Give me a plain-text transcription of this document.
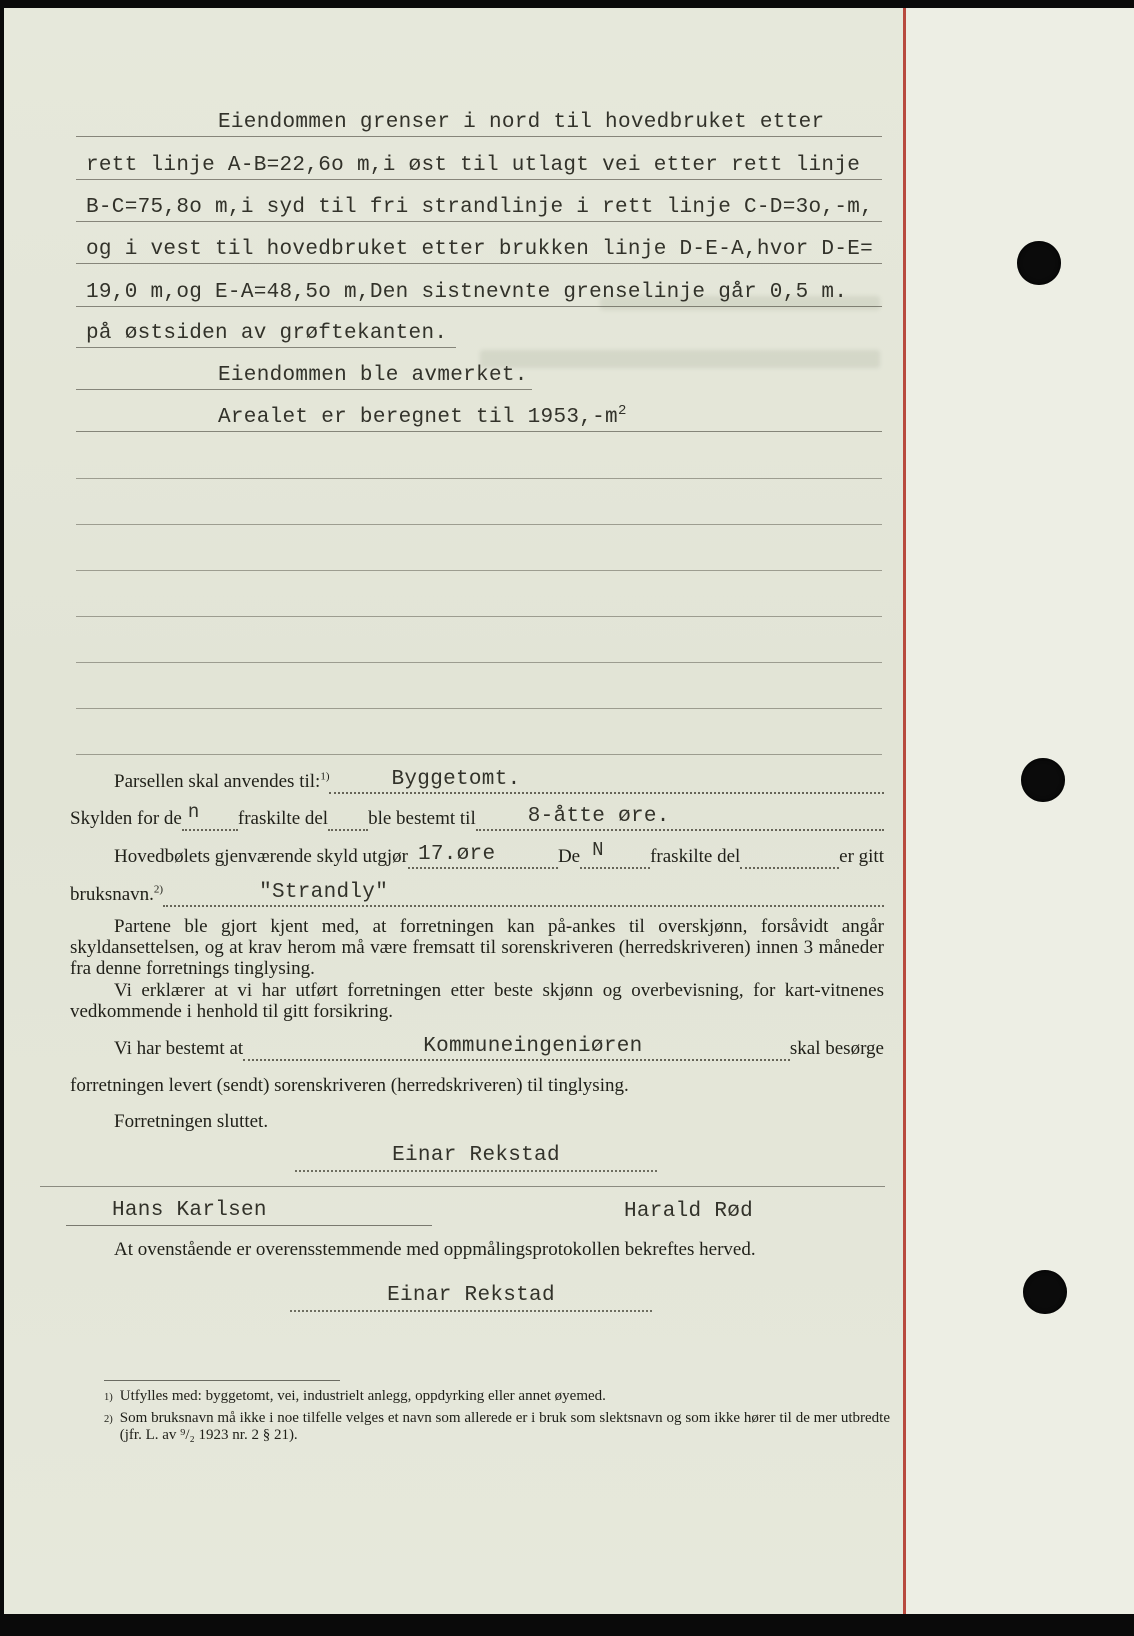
Eiendommen grenser i nord til hovedbruket etter
rett linje A-B=22,6o m,i øst til utlagt vei etter rett linje
B-C=75,8o m,i syd til fri strandlinje i rett linje C-D=3o,-m,
og i vest til hovedbruket etter brukken linje D-E-A,hvor D-E=
19,0 m,og E-A=48,5o m,Den sistnevnte grenselinje går 0,5 m.
på østsiden av grøftekanten.
Eiendommen ble avmerket.
Arealet er beregnet til $1953,-m^2$
Parsellen skal anvendes til:$^{1)}$	Byggetomt.
Skylden for de n fraskilte del ble bestemt til 8-åtte øre.
Hovedbølets gjenværende skyld utgjør 17.øre	De N fraskilte del	er gitt
bruksnavn.$^{2)}$	"Strandly"
Partene ble gjort kjent med, at forretningen kan på-ankes til overskjønn, forsåvidt angår skyldansettelsen, og at krav herom må være fremsatt til sorenskriveren (herredskriveren) innen 3 måneder fra denne forretnings tinglysing.
Vi erklærer at vi har utført forretningen etter beste skjønn og overbevisning, for kart-vitnenes vedkommende i henhold til gitt forsikring.
Vi har bestemt at	Kommuneingeniøren	skal besørge
forretningen levert (sendt) sorenskriveren (herredskriveren) til tinglysing.
Forretningen sluttet.
Einar Rekstad
Hans Karlsen	Harald Rød
At ovenstående er overensstemmende med oppmålingsprotokollen bekreftes herved.
Einar Rekstad
1) Utfylles med: byggetomt, vei, industrielt anlegg, oppdyrking eller annet øyemed.
2) Som bruksnavn må ikke i noe tilfelle velges et navn som allerede er i bruk som slektsnavn og som ikke hører til de mer utbredte (jfr. L. av ⁹/₂ 1923 nr. 2 § 21).
